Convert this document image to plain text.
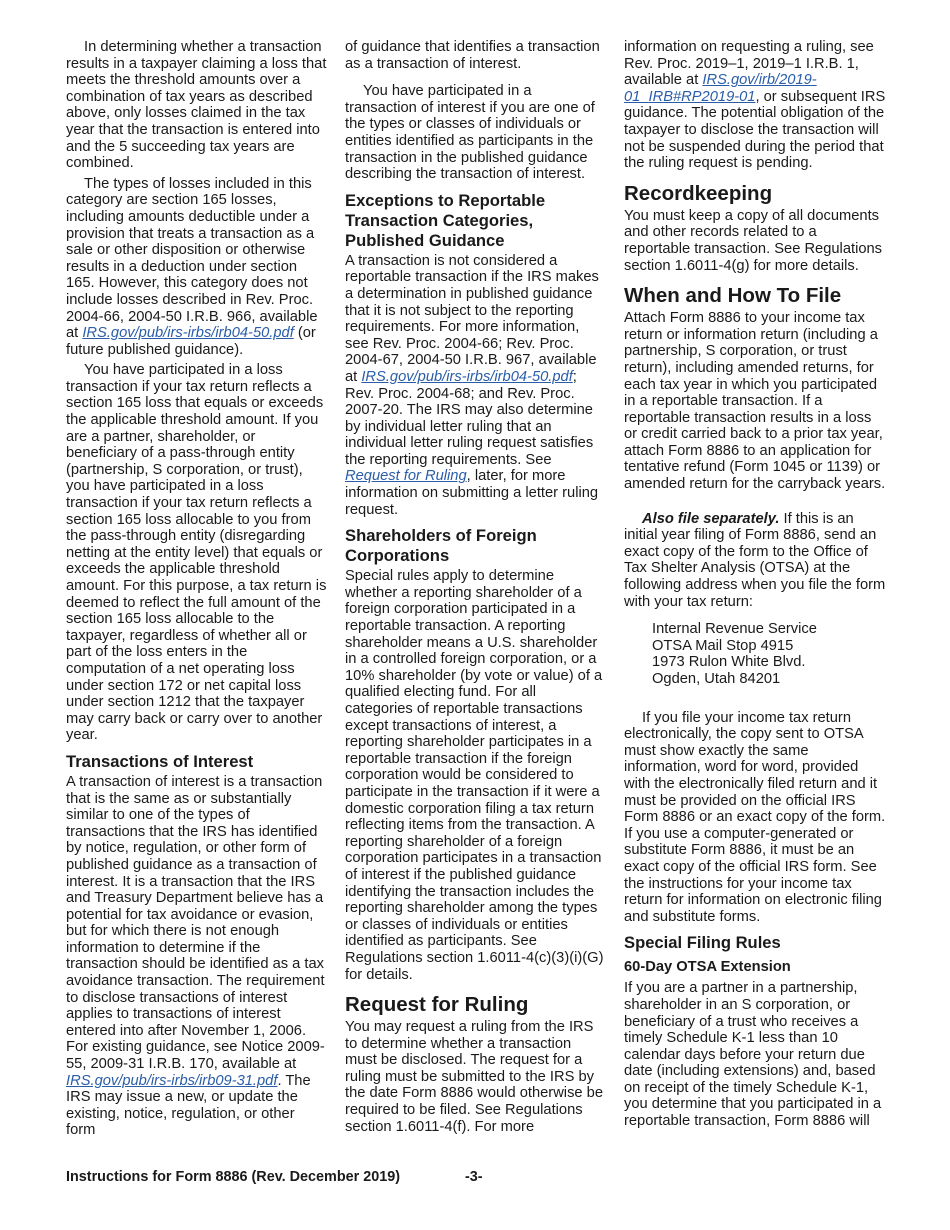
In determining whether a transaction results in a taxpayer claiming a loss that meets the threshold amounts over a combination of tax years as described above, only losses claimed in the tax year that the transaction is entered into and the 5 succeeding tax years are combined.

The types of losses included in this category are section 165 losses, including amounts deductible under a provision that treats a transaction as a sale or other disposition or otherwise results in a deduction under section 165. However, this category does not include losses described in Rev. Proc. 2004-66, 2004-50 I.R.B. 966, available at IRS.gov/pub/irs-irbs/irb04-50.pdf (or future published guidance).

You have participated in a loss transaction if your tax return reflects a section 165 loss that equals or exceeds the applicable threshold amount. If you are a partner, shareholder, or beneficiary of a pass-through entity (partnership, S corporation, or trust), you have participated in a loss transaction if your tax return reflects a section 165 loss allocable to you from the pass-through entity (disregarding netting at the entity level) that equals or exceeds the applicable threshold amount. For this purpose, a tax return is deemed to reflect the full amount of the section 165 loss allocable to the taxpayer, regardless of whether all or part of the loss enters in the computation of a net operating loss under section 172 or net capital loss under section 1212 that the taxpayer may carry back or carry over to another year.

Transactions of Interest

A transaction of interest is a transaction that is the same as or substantially similar to one of the types of transactions that the IRS has identified by notice, regulation, or other form of published guidance as a transaction of interest. It is a transaction that the IRS and Treasury Department believe has a potential for tax avoidance or evasion, but for which there is not enough information to determine if the transaction should be identified as a tax avoidance transaction. The requirement to disclose transactions of interest applies to transactions of interest entered into after November 1, 2006. For existing guidance, see Notice 2009-55, 2009-31 I.R.B. 170, available at IRS.gov/pub/irs-irbs/irb09-31.pdf. The IRS may issue a new, or update the existing, notice, regulation, or other form

of guidance that identifies a transaction as a transaction of interest.

You have participated in a transaction of interest if you are one of the types or classes of individuals or entities identified as participants in the transaction in the published guidance describing the transaction of interest.

Exceptions to Reportable Transaction Categories, Published Guidance

A transaction is not considered a reportable transaction if the IRS makes a determination in published guidance that it is not subject to the reporting requirements. For more information, see Rev. Proc. 2004-66; Rev. Proc. 2004-67, 2004-50 I.R.B. 967, available at IRS.gov/pub/irs-irbs/irb04-50.pdf; Rev. Proc. 2004-68; and Rev. Proc. 2007-20. The IRS may also determine by individual letter ruling that an individual letter ruling request satisfies the reporting requirements. See Request for Ruling, later, for more information on submitting a letter ruling request.

Shareholders of Foreign Corporations

Special rules apply to determine whether a reporting shareholder of a foreign corporation participated in a reportable transaction. A reporting shareholder means a U.S. shareholder in a controlled foreign corporation, or a 10% shareholder (by vote or value) of a qualified electing fund. For all categories of reportable transactions except transactions of interest, a reporting shareholder participates in a reportable transaction if the foreign corporation would be considered to participate in the transaction if it were a domestic corporation filing a tax return reflecting items from the transaction. A reporting shareholder of a foreign corporation participates in a transaction of interest if the published guidance identifying the transaction includes the reporting shareholder among the types or classes of individuals or entities identified as participants. See Regulations section 1.6011-4(c)(3)(i)(G) for details.

Request for Ruling

You may request a ruling from the IRS to determine whether a transaction must be disclosed. The request for a ruling must be submitted to the IRS by the date Form 8886 would otherwise be required to be filed. See Regulations section 1.6011-4(f). For more

information on requesting a ruling, see Rev. Proc. 2019–1, 2019–1 I.R.B. 1, available at IRS.gov/irb/2019-01_IRB#RP2019-01, or subsequent IRS guidance. The potential obligation of the taxpayer to disclose the transaction will not be suspended during the period that the ruling request is pending.

Recordkeeping

You must keep a copy of all documents and other records related to a reportable transaction. See Regulations section 1.6011-4(g) for more details.

When and How To File

Attach Form 8886 to your income tax return or information return (including a partnership, S corporation, or trust return), including amended returns, for each tax year in which you participated in a reportable transaction. If a reportable transaction results in a loss or credit carried back to a prior tax year, attach Form 8886 to an application for tentative refund (Form 1045 or 1139) or amended return for the carryback years.

Also file separately. If this is an initial year filing of Form 8886, send an exact copy of the form to the Office of Tax Shelter Analysis (OTSA) at the following address when you file the form with your tax return:

Internal Revenue Service
OTSA Mail Stop 4915
1973 Rulon White Blvd.
Ogden, Utah 84201

If you file your income tax return electronically, the copy sent to OTSA must show exactly the same information, word for word, provided with the electronically filed return and it must be provided on the official IRS Form 8886 or an exact copy of the form. If you use a computer-generated or substitute Form 8886, it must be an exact copy of the official IRS form. See the instructions for your income tax return for information on electronic filing and substitute forms.

Special Filing Rules
60-Day OTSA Extension

If you are a partner in a partnership, shareholder in an S corporation, or beneficiary of a trust who receives a timely Schedule K-1 less than 10 calendar days before your return due date (including extensions) and, based on receipt of the timely Schedule K-1, you determine that you participated in a reportable transaction, Form 8886 will

Instructions for Form 8886 (Rev. December 2019)	-3-
